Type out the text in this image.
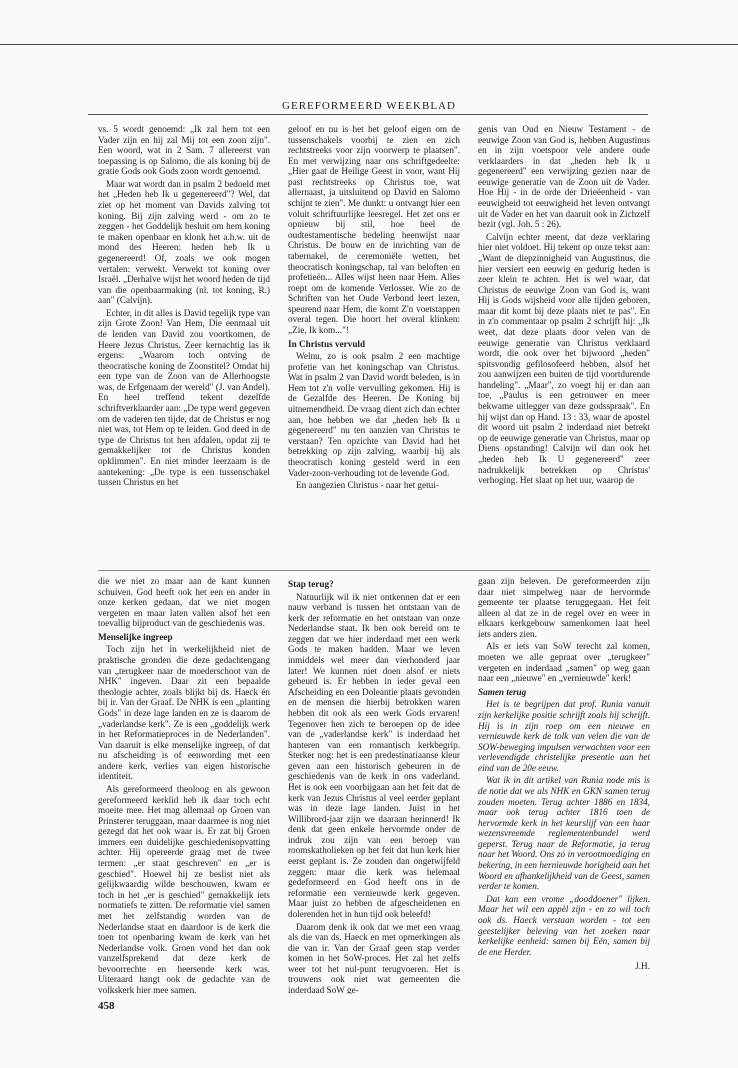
GEREFORMEERD WEEKBLAD

vs. 5 wordt genoemd: „Ik zal hem tot een Vader zijn en hij zal Mij tot een zoon zijn". Een woord, wat in 2 Sam. 7 allereerst van toepassing is op Salomo, die als koning bij de gratie Gods ook Gods zoon wordt genoemd.

Maar wat wordt dan in psalm 2 bedoeld met het „Heden heb Ik u gegenereerd"? Wel, dat ziet op het moment van Davids zalving tot koning. Bij zijn zalving werd - om zo te zeggen - het Goddelijk besluit om hem koning te maken openbaar en klonk het a.h.w. uit de mond des Heeren: heden heb Ik u gegenereerd! Of, zoals we ook mogen vertalen: verwekt. Verwekt tot koning over Israël. „Derhalve wijst het woord heden de tijd van die openbaarmaking (nl. tot koning, R.) aan" (Calvijn).

Echter, in dit alles is David tegelijk type van zijn Grote Zoon! Van Hem, Die eenmaal uit de lenden van David zou voortkomen, de Heere Jezus Christus. Zeer kernachtig las ik ergens: „Waarom toch ontving de theocratische koning de Zoonstitel? Omdat hij een type van de Zoon van de Allerhoogste was, de Erfgenaam der wereld" (J. van Andel). En heel treffend tekent dezelfde schriftverklaarder aan: „De type werd gegeven om de vaderen ten tijde, dat de Christus er nog niet was, tot Hem op te leiden. God deed in de type de Christus tot hen afdalen, opdat zij te gemakkelijker tot de Christus konden opklimmen". En niet minder leerzaam is de aantekening: „De type is een tussenschakel tussen Christus en het

geloof en nu is het het geloof eigen om de tussenschakels voorbij te zien en zich rechtstreeks voor zijn voorwerp te plaatsen". En met verwijzing naar ons schriftgedeelte: „Hier gaat de Heilige Geest in voor, want Hij past rechtstreeks op Christus toe, wat allernaast, ja uitsluitend op David en Salomo schijnt te zien". Me dunkt: u ontvangt hier een voluit schriftuurlijke leesregel. Het zet ons er opnieuw bij stil, hoe heel de oudtestamentische bedeling heenwijst naar Christus. De bouw en de inrichting van de tabernakel, de ceremoniële wetten, het theocratisch koningschap, tal van beloften en profetieën... Alles wijst heen naar Hem. Alles roept om de komende Verlosser. Wie zo de Schriften van het Oude Verbond leert lezen, speurend naar Hem, die komt Z'n voetstappen overal tegen. Die hoort het overal klinken: „Zie, Ik kom..."!

In Christus vervuld

Welnu, zo is ook psalm 2 een machtige profetie van het koningschap van Christus. Wat in psalm 2 van David wordt beleden, is in Hem tot z'n volle vervulling gekomen. Hij is de Gezalfde des Heeren. De Koning bij uitnemendheid. De vraag dient zich dan echter aan, hoe hebben we dat „heden heb Ik u gegenereerd" nu ten aanzien van Christus te verstaan? Ten opzichte van David had het betrekking op zijn zalving, waarbij hij als theocratisch koning gesteld werd in een Vader-zoon-verhouding tot de levende God.

En aangezien Christus - naar het getui-

genis van Oud en Nieuw Testament - de eeuwige Zoon van God is, hebben Augustinus en in zijn voetspoor vele andere oude verklaarders in dat „heden heb Ik u gegenereerd" een verwijzing gezien naar de eeuwige generatie van de Zoon uit de Vader. Hoe Hij - in de orde der Drieëenheid - van eeuwigheid tot eeuwigheid het leven ontvangt uit de Vader en het van daaruit ook in Zichzelf bezit (vgl. Joh. 5 : 26).

Calvijn echter meent, dat deze verklaring hier niet voldoet. Hij tekent op onze tekst aan: „Want de diepzinnigheid van Augustinus, die hier versiert een eeuwig en gedurig heden is zeer klein te achten. Het is wel waar, dat Christus de eeuwige Zoon van God is, want Hij is Gods wijsheid voor alle tijden geboren, maar dit komt bij deze plaats niet te pas". En in z'n commentaar op psalm 2 schrijft hij: „Ik weet, dat deze plaats door velen van de eeuwige generatie van Christus verklaard wordt, die ook over het bijwoord „heden" spitsvondig gefilosofeerd hebben, alsof het zou aanwijzen een buiten de tijd voortdurende handeling". „Maar", zo voegt hij er dan aan toe, „Paulus is een getrouwer en meer bekwame uitlegger van deze godsspraak". En hij wijst dan op Hand. 13 : 33, waar de apostel dit woord uit psalm 2 inderdaad niet betrekt op de eeuwige generatie van Christus, maar op Diens opstanding! Calvijn wil dan ook het „heden heb Ik U gegenereerd" zeer nadrukkelijk betrekken op Christus' verhoging. Het slaat op het uur, waarop de

die we niet zo maar aan de kant kunnen schuiven. God heeft ook het een en ander in onze kerken gedaan, dat we niet mogen vergeten en maar laten vallen alsof het een toevallig bijproduct van de geschiedenis was.

Menselijke ingreep

Toch zijn het in werkelijkheid niet de praktische gronden die deze gedachtengang van „terugkeer naar de moederschoot van de NHK" ingeven. Daar zit een bepaalde theologie achter, zoals blijkt bij ds. Haeck én bij ir. Van der Graaf. De NHK is een „planting Gods" in deze lage landen en ze is daarom de „vaderlandse kerk". Ze is een „goddelijk werk in het Reformatieproces in de Nederlanden". Van daaruit is elke menselijke ingreep, of dat nu afscheiding is of eenwording met een andere kerk, verlies van eigen historische identiteit.

Als gereformeerd theoloog en als gewoon gereformeerd kerklid heb ik daar toch echt moeite mee. Het mag allemaal op Groen van Prinsterer teruggaan, maar daarmee is nog niet gezegd dat het ook waar is. Er zat bij Groen immers een duidelijke geschiedenisopvatting achter. Hij opereerde graag met de twee termen: „er staat geschreven" en „er is geschied". Hoewel hij ze beslist niet als gelijkwaardig wilde beschouwen, kwam er toch in het „er is geschied" gemakkelijk iets normatiefs te zitten. De reformatie viel samen met het zelfstandig worden van de Nederlandse staat en daardoor is de kerk die toen tot openbaring kwam de kerk van het Nederlandse volk. Groen vond het dan ook vanzelfsprekend dat deze kerk de bevoorrechte en heersende kerk was. Uiteraard hangt ook de gedachte van de volkskerk hier mee samen.

Stap terug?

Natuurlijk wil ik niet ontkennen dat er een nauw verband is tussen het ontstaan van de kerk der reformatie en het ontstaan van onze Nederlandse staat. Ik ben ook bereid om te zeggen dat we hier inderdaad met een werk Gods te maken hadden. Maar we leven inmiddels wel meer dan vierhonderd jaar later! We kunnen niet doen alsof er niets gebeurd is. Er hebben in ieder geval een Afscheiding en een Doleantie plaats gevonden en de mensen die hierbij betrokken waren hebben dit ook als een werk Gods ervaren! Tegenover hen zich te beroepen op de idee van de „vaderlandse kerk" is inderdaad het hanteren van een romantisch kerkbegrip. Sterker nog: het is een predestinatiaanse kleur geven aan een historisch gebeuren in de geschiedenis van de kerk in ons vaderland. Het is ook een voorbijgaan aan het feit dat de kerk van Jezus Christus al veel eerder geplant was in deze lage landen. Juist in het Willibrord-jaar zijn we daaraan herinnerd! Ik denk dat geen enkele hervormde onder de indruk zou zijn van een beroep van roomskatholieken op het feit dat hun kerk hier eerst geplant is. Ze zouden dan ongetwijfeld zeggen: maar die kerk was helemaal gedeformeerd en God heeft ons in de reformatie een vernieuwde kerk gegeven. Maar juist zo hebben de afgescheidenen en dolerenden het in hun tijd ook beleefd!

Daarom denk ik ook dat we met een vraag als die van ds. Haeck en met opmerkingen als die van ir. Van der Graaf geen stap verder komen in het SoW-proces. Het zal het zelfs weer tot het nul-punt terugvoeren. Het is trouwens ook niet wat gemeenten die inderdaad SoW ge-

gaan zijn beleven. De gereformeerden zijn daar niet simpelweg naar de hervormde gemeente ter plaatse teruggegaan. Het feit alleen al dat ze in de regel over en weer in elkaars kerkgebouw samenkomen laat heel iets anders zien.

Als er iets van SoW terecht zal komen, moeten we alle gepraat over „terugkeer" vergeten en inderdaad „samen" op weg gaan naar een „nieuwe" en „vernieuwde" kerk!

Samen terug

Het is te begrijpen dat prof. Runia vanuit zijn kerkelijke positie schrijft zoals hij schrijft. Hij is in zijn roep om een nieuwe en vernieuwde kerk de tolk van velen die van de SOW-beweging impulsen verwachten voor een verlevendigde christelijke presentie aan het eind van de 20e eeuw.

Wat ik in dit artikel van Runia node mis is de notie dat we als NHK en GKN samen terug zouden moeten. Terug achter 1886 en 1834, maar ook terug achter 1816 toen de hervormde kerk in het keurslijf van een haar wezensvreemde reglementenbundel werd geperst. Terug naar de Reformatie, ja terug naar het Woord. Ons zó in verootmoediging en bekering, in een hernieuwde horigheid aan het Woord en afhankelijkheid van de Geest, samen verder te komen.

Dat kan een vrome „dooddoener" lijken. Maar het wil een appèl zijn - en zo wil toch ook ds. Haeck verstaan worden - tot een geestelijker beleving van het zoeken naar kerkelijke eenheid: samen bij Eén, samen bij de ene Herder.

J.H.
458
